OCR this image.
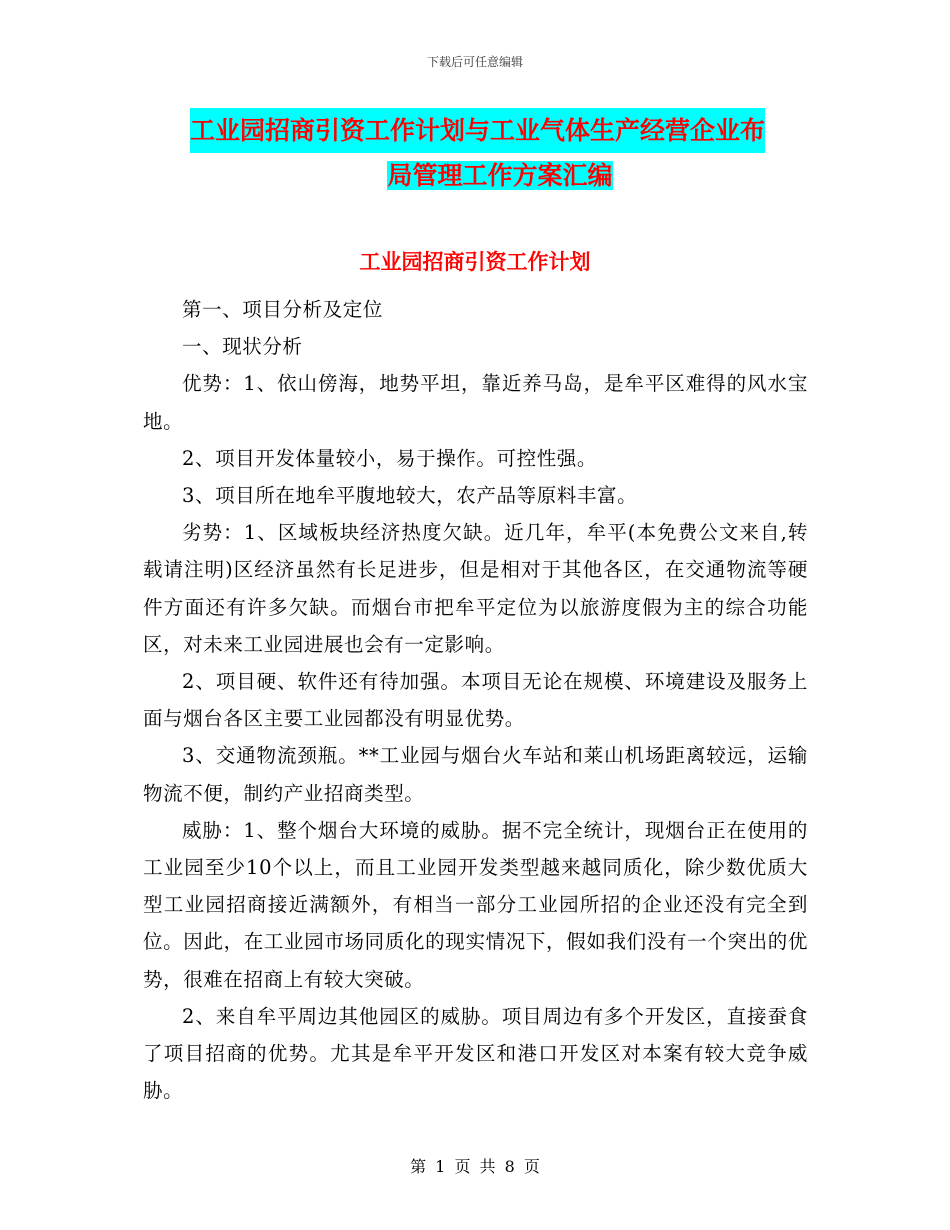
下载后可任意编辑
工业园招商引资工作计划与工业气体生产经营企业布
局管理工作方案汇编
工业园招商引资工作计划

第一、项目分析及定位

一、现状分析

优势：1、依山傍海，地势平坦，靠近养马岛，是牟平区难得的风水宝地。

2、项目开发体量较小，易于操作。可控性强。

3、项目所在地牟平腹地较大，农产品等原料丰富。

劣势：1、区域板块经济热度欠缺。近几年，牟平(本免费公文来自,转载请注明)区经济虽然有长足进步，但是相对于其他各区，在交通物流等硬件方面还有许多欠缺。而烟台市把牟平定位为以旅游度假为主的综合功能区，对未来工业园进展也会有一定影响。

2、项目硬、软件还有待加强。本项目无论在规模、环境建设及服务上面与烟台各区主要工业园都没有明显优势。

3、交通物流颈瓶。**工业园与烟台火车站和莱山机场距离较远，运输物流不便，制约产业招商类型。

威胁：1、整个烟台大环境的威胁。据不完全统计，现烟台正在使用的工业园至少10个以上，而且工业园开发类型越来越同质化，除少数优质大型工业园招商接近满额外，有相当一部分工业园所招的企业还没有完全到位。因此，在工业园市场同质化的现实情况下，假如我们没有一个突出的优势，很难在招商上有较大突破。

2、来自牟平周边其他园区的威胁。项目周边有多个开发区，直接蚕食了项目招商的优势。尤其是牟平开发区和港口开发区对本案有较大竞争威胁。

第 1 页 共 8 页
